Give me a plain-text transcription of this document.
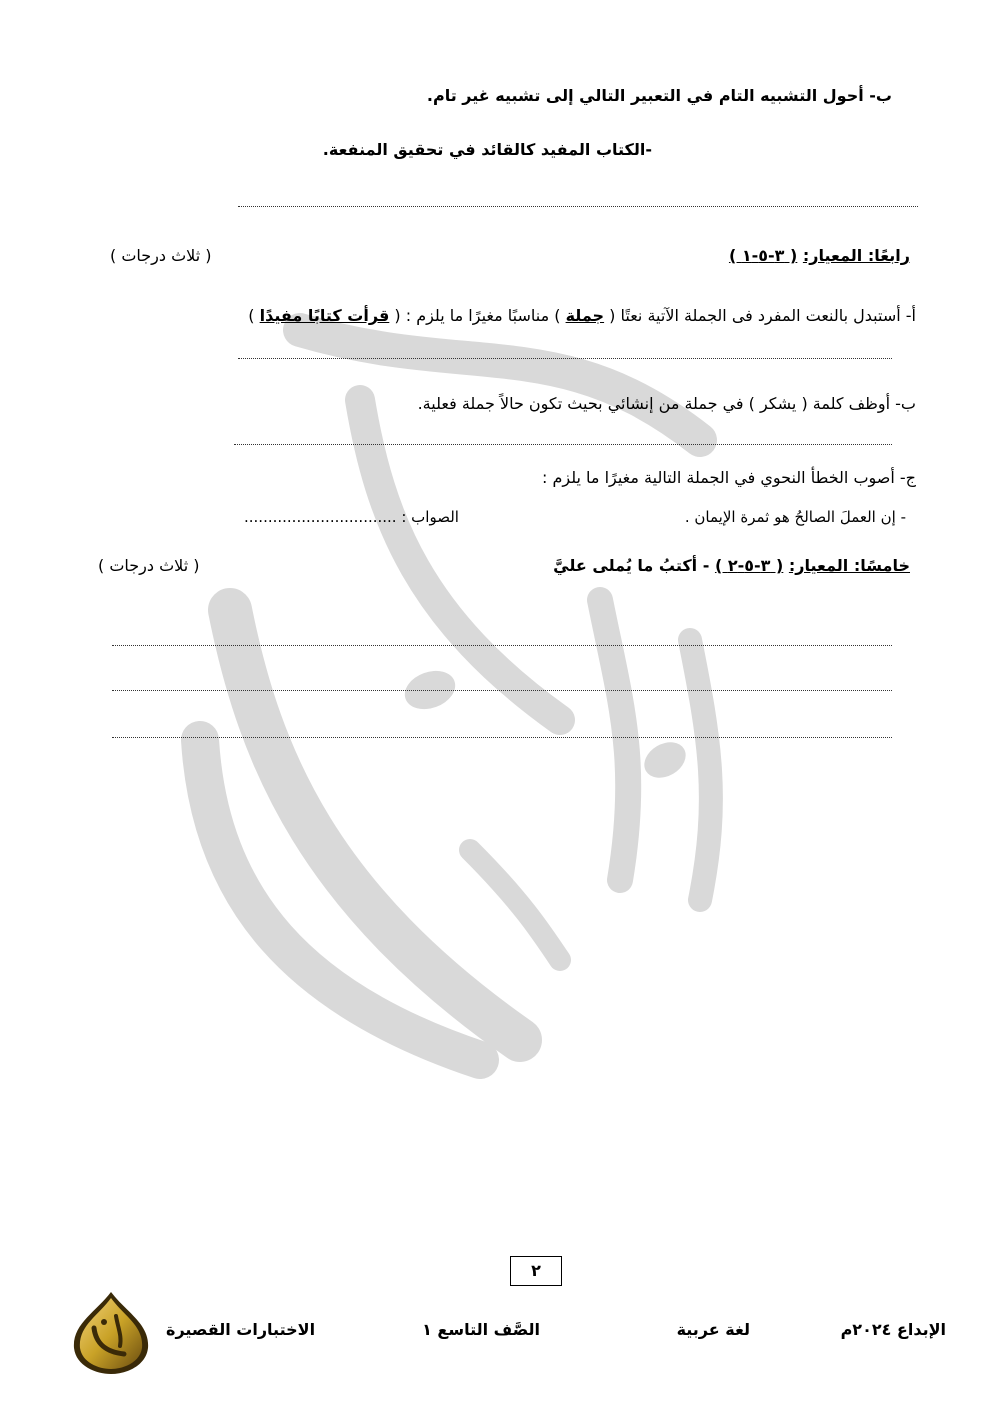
ب- أحول التشبيه التام في التعبير التالي إلى تشبيه غير تام.
-الكتاب المفيد كالقائد في تحقيق المنفعة.
رابعًا: المعيار: ( ٣-٥-١ )
( ثلاث درجات )
أ- أستبدل بالنعت المفرد فى الجملة الآتية نعتًا ( جملة ) مناسبًا مغيرًا ما يلزم : ( قرأت كتابًا مفيدًا )
ب- أوظف كلمة ( يشكر ) في جملة من إنشائي بحيث تكون حالاً جملة فعلية.
ج- أصوب الخطأ النحوي في الجملة التالية مغيرًا ما يلزم :
- إن العملَ الصالحُ هو ثمرة الإيمان .
الصواب : ................................
خامسًا: المعيار: ( ٣-٥-٢ ) - أكتبُ ما يُملى عليَّ
( ثلاث درجات )
٢
الإبداع ٢٠٢٤م
لغة عربية
الصَّف التاسع ١
الاختبارات القصيرة
